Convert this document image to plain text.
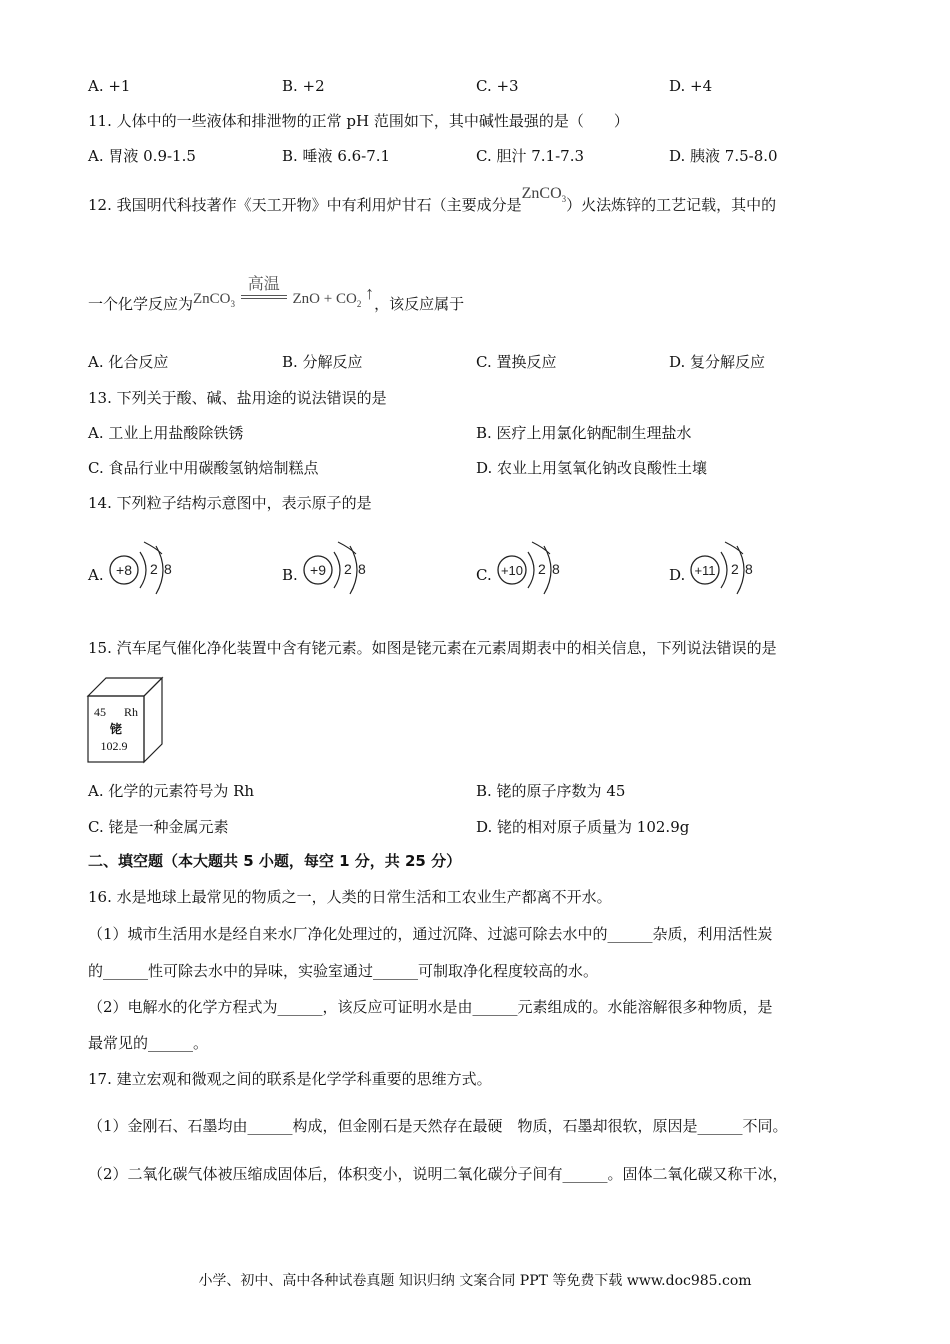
A. +1	B. +2	C. +3	D. +4
11. 人体中的一些液体和排泄物的正常 pH 范围如下，其中碱性最强的是（　　）
A. 胃液 0.9-1.5	B. 唾液 6.6-7.1	C. 胆汁 7.1-7.3	D. 胰液 7.5-8.0
12. 我国明代科技著作《天工开物》中有利用炉甘石（主要成分是ZnCO$_3$）火法炼锌的工艺记载，其中的
一个化学反应为ZnCO$_3$
高温
ZnO + $CO_2$ ↑，该反应属于
A. 化合反应	B. 分解反应	C. 置换反应	D. 复分解反应
13. 下列关于酸、碱、盐用途的说法错误的是
A. 工业上用盐酸除铁锈	B. 医疗上用氯化钠配制生理盐水
C. 食品行业中用碳酸氢钠焙制糕点	D. 农业上用氢氧化钠改良酸性土壤
14. 下列粒子结构示意图中，表示原子的是
A. +8 2 8	B. +9 2 8	C. +10 2 8	D. +11 2 8
15. 汽车尾气催化净化装置中含有铑元素。如图是铑元素在元素周期表中的相关信息，下列说法错误的是
45 Rh
铑
102.9
A. 化学的元素符号为 Rh	B. 铑的原子序数为 45
C. 铑是一种金属元素	D. 铑的相对原子质量为 102.9g
二、填空题（本大题共 5 小题，每空 1 分，共 25 分）
16. 水是地球上最常见的物质之一，人类的日常生活和工农业生产都离不开水。
（1）城市生活用水是经自来水厂净化处理过的，通过沉降、过滤可除去水中的______杂质，利用活性炭
的______性可除去水中的异味，实验室通过______可制取净化程度较高的水。
（2）电解水的化学方程式为______，该反应可证明水是由______元素组成的。水能溶解很多种物质，是
最常见的______。
17. 建立宏观和微观之间的联系是化学学科重要的思维方式。
（1）金刚石、石墨均由______构成，但金刚石是天然存在最硬　物质，石墨却很软，原因是______不同。
（2）二氧化碳气体被压缩成固体后，体积变小，说明二氧化碳分子间有______。固体二氧化碳又称干冰，
小学、初中、高中各种试卷真题 知识归纳 文案合同 PPT 等免费下载 www.doc985.com
